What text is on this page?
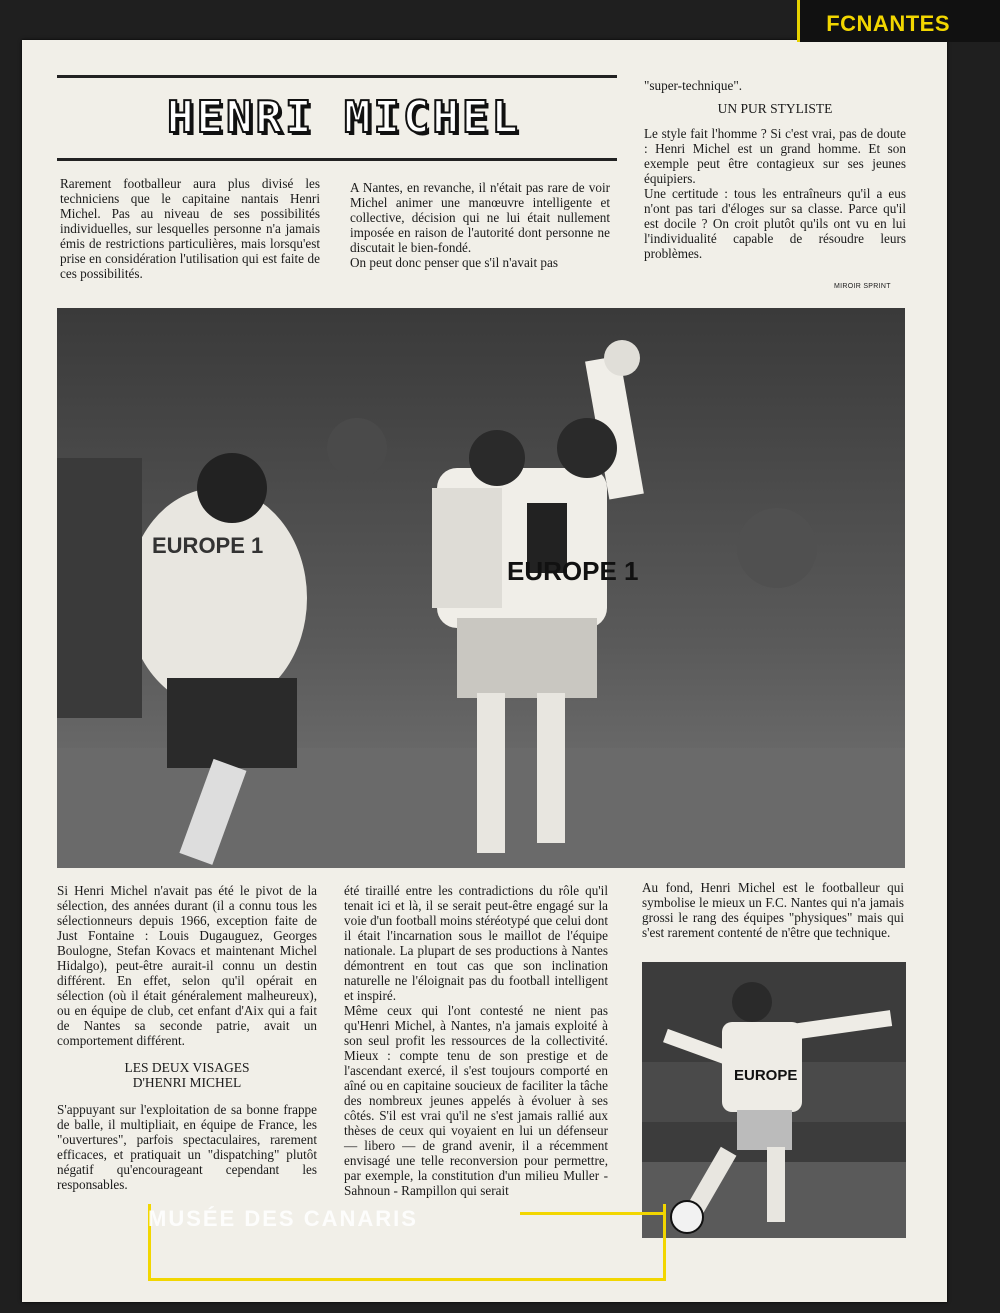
HENRI MICHEL

Rarement footballeur aura plus divisé les techniciens que le capitaine nantais Henri Michel. Pas au niveau de ses possibilités individuelles, sur lesquelles personne n'a jamais émis de restrictions particulières, mais lorsqu'est prise en considération l'utilisation qui est faite de ces possibilités.

A Nantes, en revanche, il n'était pas rare de voir Michel animer une manœuvre intelligente et collective, décision qui ne lui était nullement imposée en raison de l'autorité dont personne ne discutait le bien-fondé.

On peut donc penser que s'il n'avait pas

"super-technique".

UN PUR STYLISTE

Le style fait l'homme ? Si c'est vrai, pas de doute : Henri Michel est un grand homme. Et son exemple peut être contagieux sur ses jeunes équipiers.

Une certitude : tous les entraîneurs qu'il a eus n'ont pas tari d'éloges sur sa classe. Parce qu'il est docile ? On croit plutôt qu'ils ont vu en lui l'individualité capable de résoudre leurs problèmes.

MIROIR SPRINT
EUROPE 1
EUROPE 1

Si Henri Michel n'avait pas été le pivot de la sélection, des années durant (il a connu tous les sélectionneurs depuis 1966, exception faite de Just Fontaine : Louis Dugauguez, Georges Boulogne, Stefan Kovacs et maintenant Michel Hidalgo), peut-être aurait-il connu un destin différent. En effet, selon qu'il opérait en sélection (où il était généralement malheureux), ou en équipe de club, cet enfant d'Aix qui a fait de Nantes sa seconde patrie, avait un comportement différent.

LES DEUX VISAGES
D'HENRI MICHEL

S'appuyant sur l'exploitation de sa bonne frappe de balle, il multipliait, en équipe de France, les "ouvertures", parfois spectaculaires, rarement efficaces, et pratiquait un "dispatching" plutôt négatif qu'encourageant cependant les responsables.

été tiraillé entre les contradictions du rôle qu'il tenait ici et là, il se serait peut-être engagé sur la voie d'un football moins stéréotypé que celui dont il était l'incarnation sous le maillot de l'équipe nationale. La plupart de ses productions à Nantes démontrent en tout cas que son inclination naturelle ne l'éloignait pas du football intelligent et inspiré.

Même ceux qui l'ont contesté ne nient pas qu'Henri Michel, à Nantes, n'a jamais exploité à son seul profit les ressources de la collectivité. Mieux : compte tenu de son prestige et de l'ascendant exercé, il s'est toujours comporté en aîné ou en capitaine soucieux de faciliter la tâche des nombreux jeunes appelés à évoluer à ses côtés. S'il est vrai qu'il ne s'est jamais rallié aux thèses de ceux qui voyaient en lui un défenseur — libero — de grand avenir, il a récemment envisagé une telle reconversion pour permettre, par exemple, la constitution d'un milieu Muller - Sahnoun - Rampillon qui serait

Au fond, Henri Michel est le footballeur qui symbolise le mieux un F.C. Nantes qui n'a jamais grossi le rang des équipes "physiques" mais qui s'est rarement contenté de n'être que technique.

EUROPE
FCNANTES
MUSÉE DES CANARIS
